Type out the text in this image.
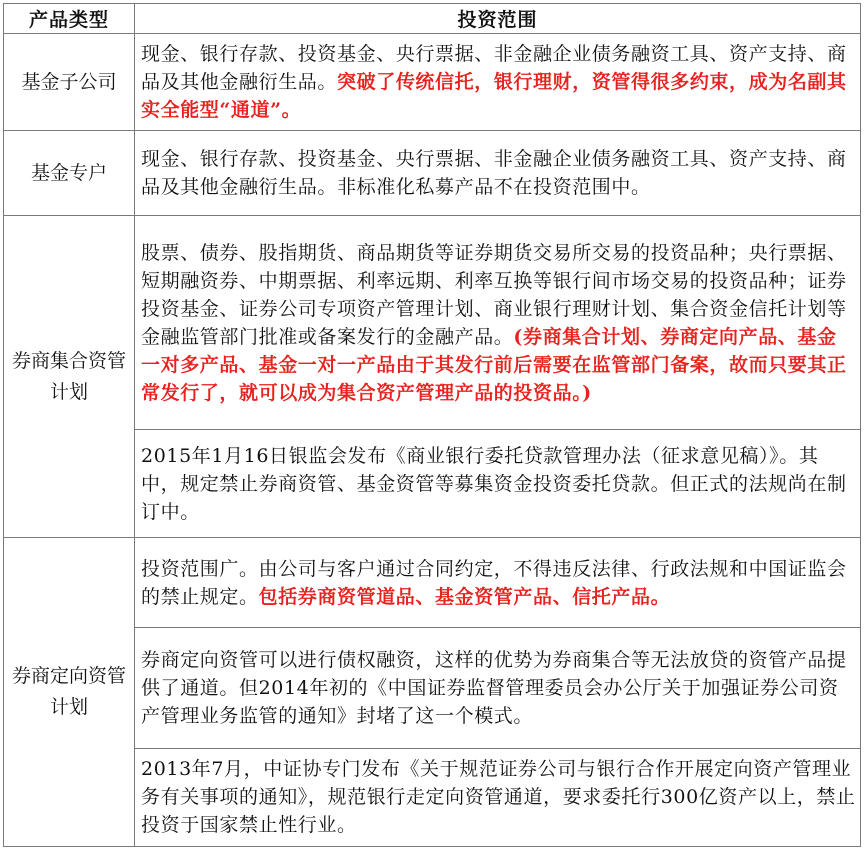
产品类型	投资范围
基金子公司	现金、银行存款、投资基金、央行票据、非金融企业债务融资工具、资产支持、商品及其他金融衍生品。突破了传统信托，银行理财，资管得很多约束，成为名副其实全能型“通道”。
基金专户	现金、银行存款、投资基金、央行票据、非金融企业债务融资工具、资产支持、商品及其他金融衍生品。非标准化私募产品不在投资范围中。
券商集合资管计划	股票、债券、股指期货、商品期货等证券期货交易所交易的投资品种；央行票据、短期融资券、中期票据、利率远期、利率互换等银行间市场交易的投资品种；证券投资基金、证券公司专项资产管理计划、商业银行理财计划、集合资金信托计划等金融监管部门批准或备案发行的金融产品。(券商集合计划、券商定向产品、基金一对多产品、基金一对一产品由于其发行前后需要在监管部门备案，故而只要其正常发行了，就可以成为集合资产管理产品的投资品。)
	2015年1月16日银监会发布《商业银行委托贷款管理办法（征求意见稿）》。其中，规定禁止券商资管、基金资管等募集资金投资委托贷款。但正式的法规尚在制订中。
券商定向资管计划	投资范围广。由公司与客户通过合同约定，不得违反法律、行政法规和中国证监会的禁止规定。包括券商资管道品、基金资管产品、信托产品。
	券商定向资管可以进行债权融资，这样的优势为券商集合等无法放贷的资管产品提供了通道。但2014年初的《中国证券监督管理委员会办公厅关于加强证券公司资产管理业务监管的通知》封堵了这一个模式。
	2013年7月，中证协专门发布《关于规范证券公司与银行合作开展定向资产管理业务有关事项的通知》，规范银行走定向资管通道，要求委托行300亿资产以上，禁止投资于国家禁止性行业。
